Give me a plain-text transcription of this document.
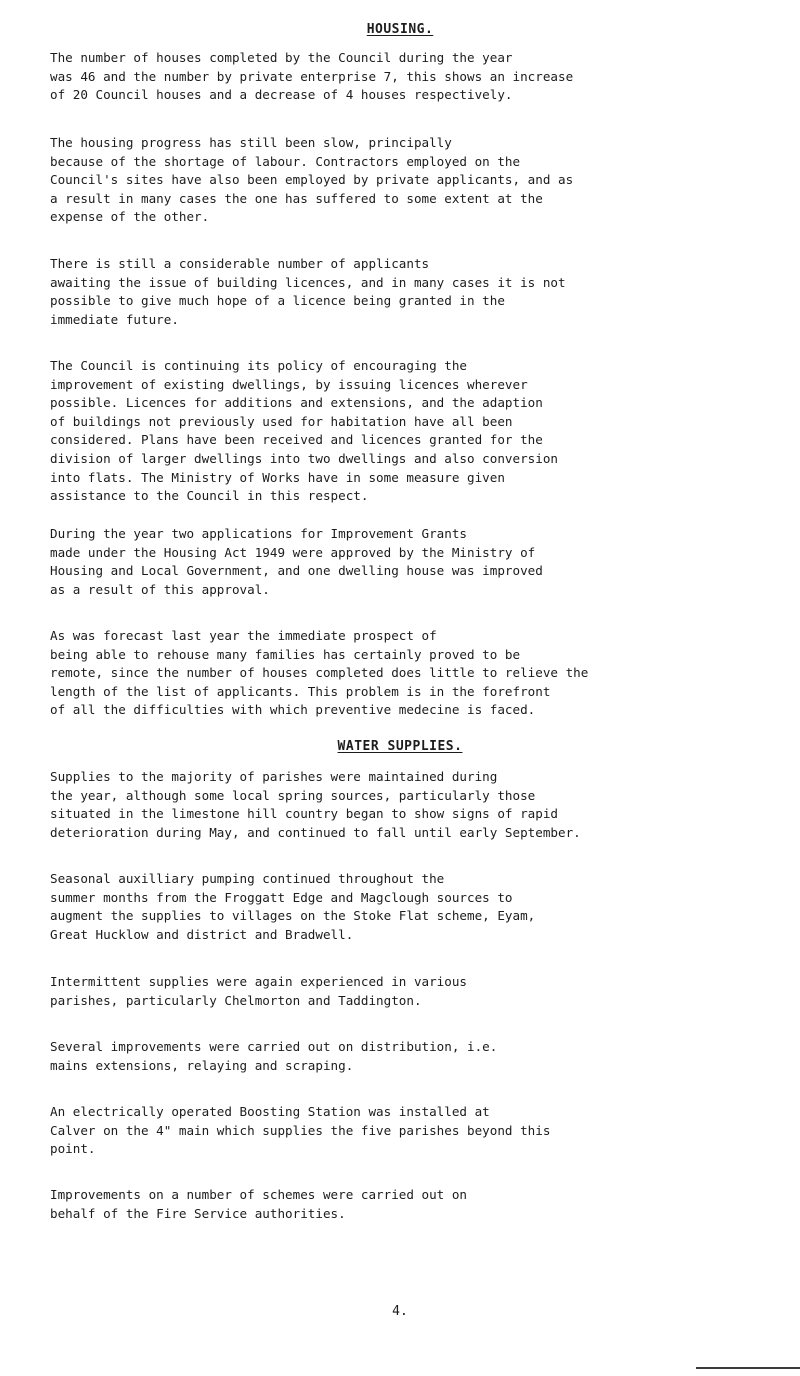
HOUSING.

The number of houses completed by the Council during the year
was 46 and the number by private enterprise 7, this shows an increase
of 20 Council houses and a decrease of 4 houses respectively.

The housing progress has still been slow, principally
because of the shortage of labour. Contractors employed on the
Council's sites have also been employed by private applicants, and as
a result in many cases the one has suffered to some extent at the
expense of the other.

There is still a considerable number of applicants
awaiting the issue of building licences, and in many cases it is not
possible to give much hope of a licence being granted in the
immediate future.

The Council is continuing its policy of encouraging the
improvement of existing dwellings, by issuing licences wherever
possible. Licences for additions and extensions, and the adaption
of buildings not previously used for habitation have all been
considered. Plans have been received and licences granted for the
division of larger dwellings into two dwellings and also conversion
into flats. The Ministry of Works have in some measure given
assistance to the Council in this respect.

During the year two applications for Improvement Grants
made under the Housing Act 1949 were approved by the Ministry of
Housing and Local Government, and one dwelling house was improved
as a result of this approval.

As was forecast last year the immediate prospect of
being able to rehouse many families has certainly proved to be
remote, since the number of houses completed does little to relieve the
length of the list of applicants. This problem is in the forefront
of all the difficulties with which preventive medecine is faced.

WATER SUPPLIES.

Supplies to the majority of parishes were maintained during
the year, although some local spring sources, particularly those
situated in the limestone hill country began to show signs of rapid
deterioration during May, and continued to fall until early September.

Seasonal auxilliary pumping continued throughout the
summer months from the Froggatt Edge and Magclough sources to
augment the supplies to villages on the Stoke Flat scheme, Eyam,
Great Hucklow and district and Bradwell.

Intermittent supplies were again experienced in various
parishes, particularly Chelmorton and Taddington.

Several improvements were carried out on distribution, i.e.
mains extensions, relaying and scraping.

An electrically operated Boosting Station was installed at
Calver on the 4" main which supplies the five parishes beyond this
point.

Improvements on a number of schemes were carried out on
behalf of the Fire Service authorities.

4.
